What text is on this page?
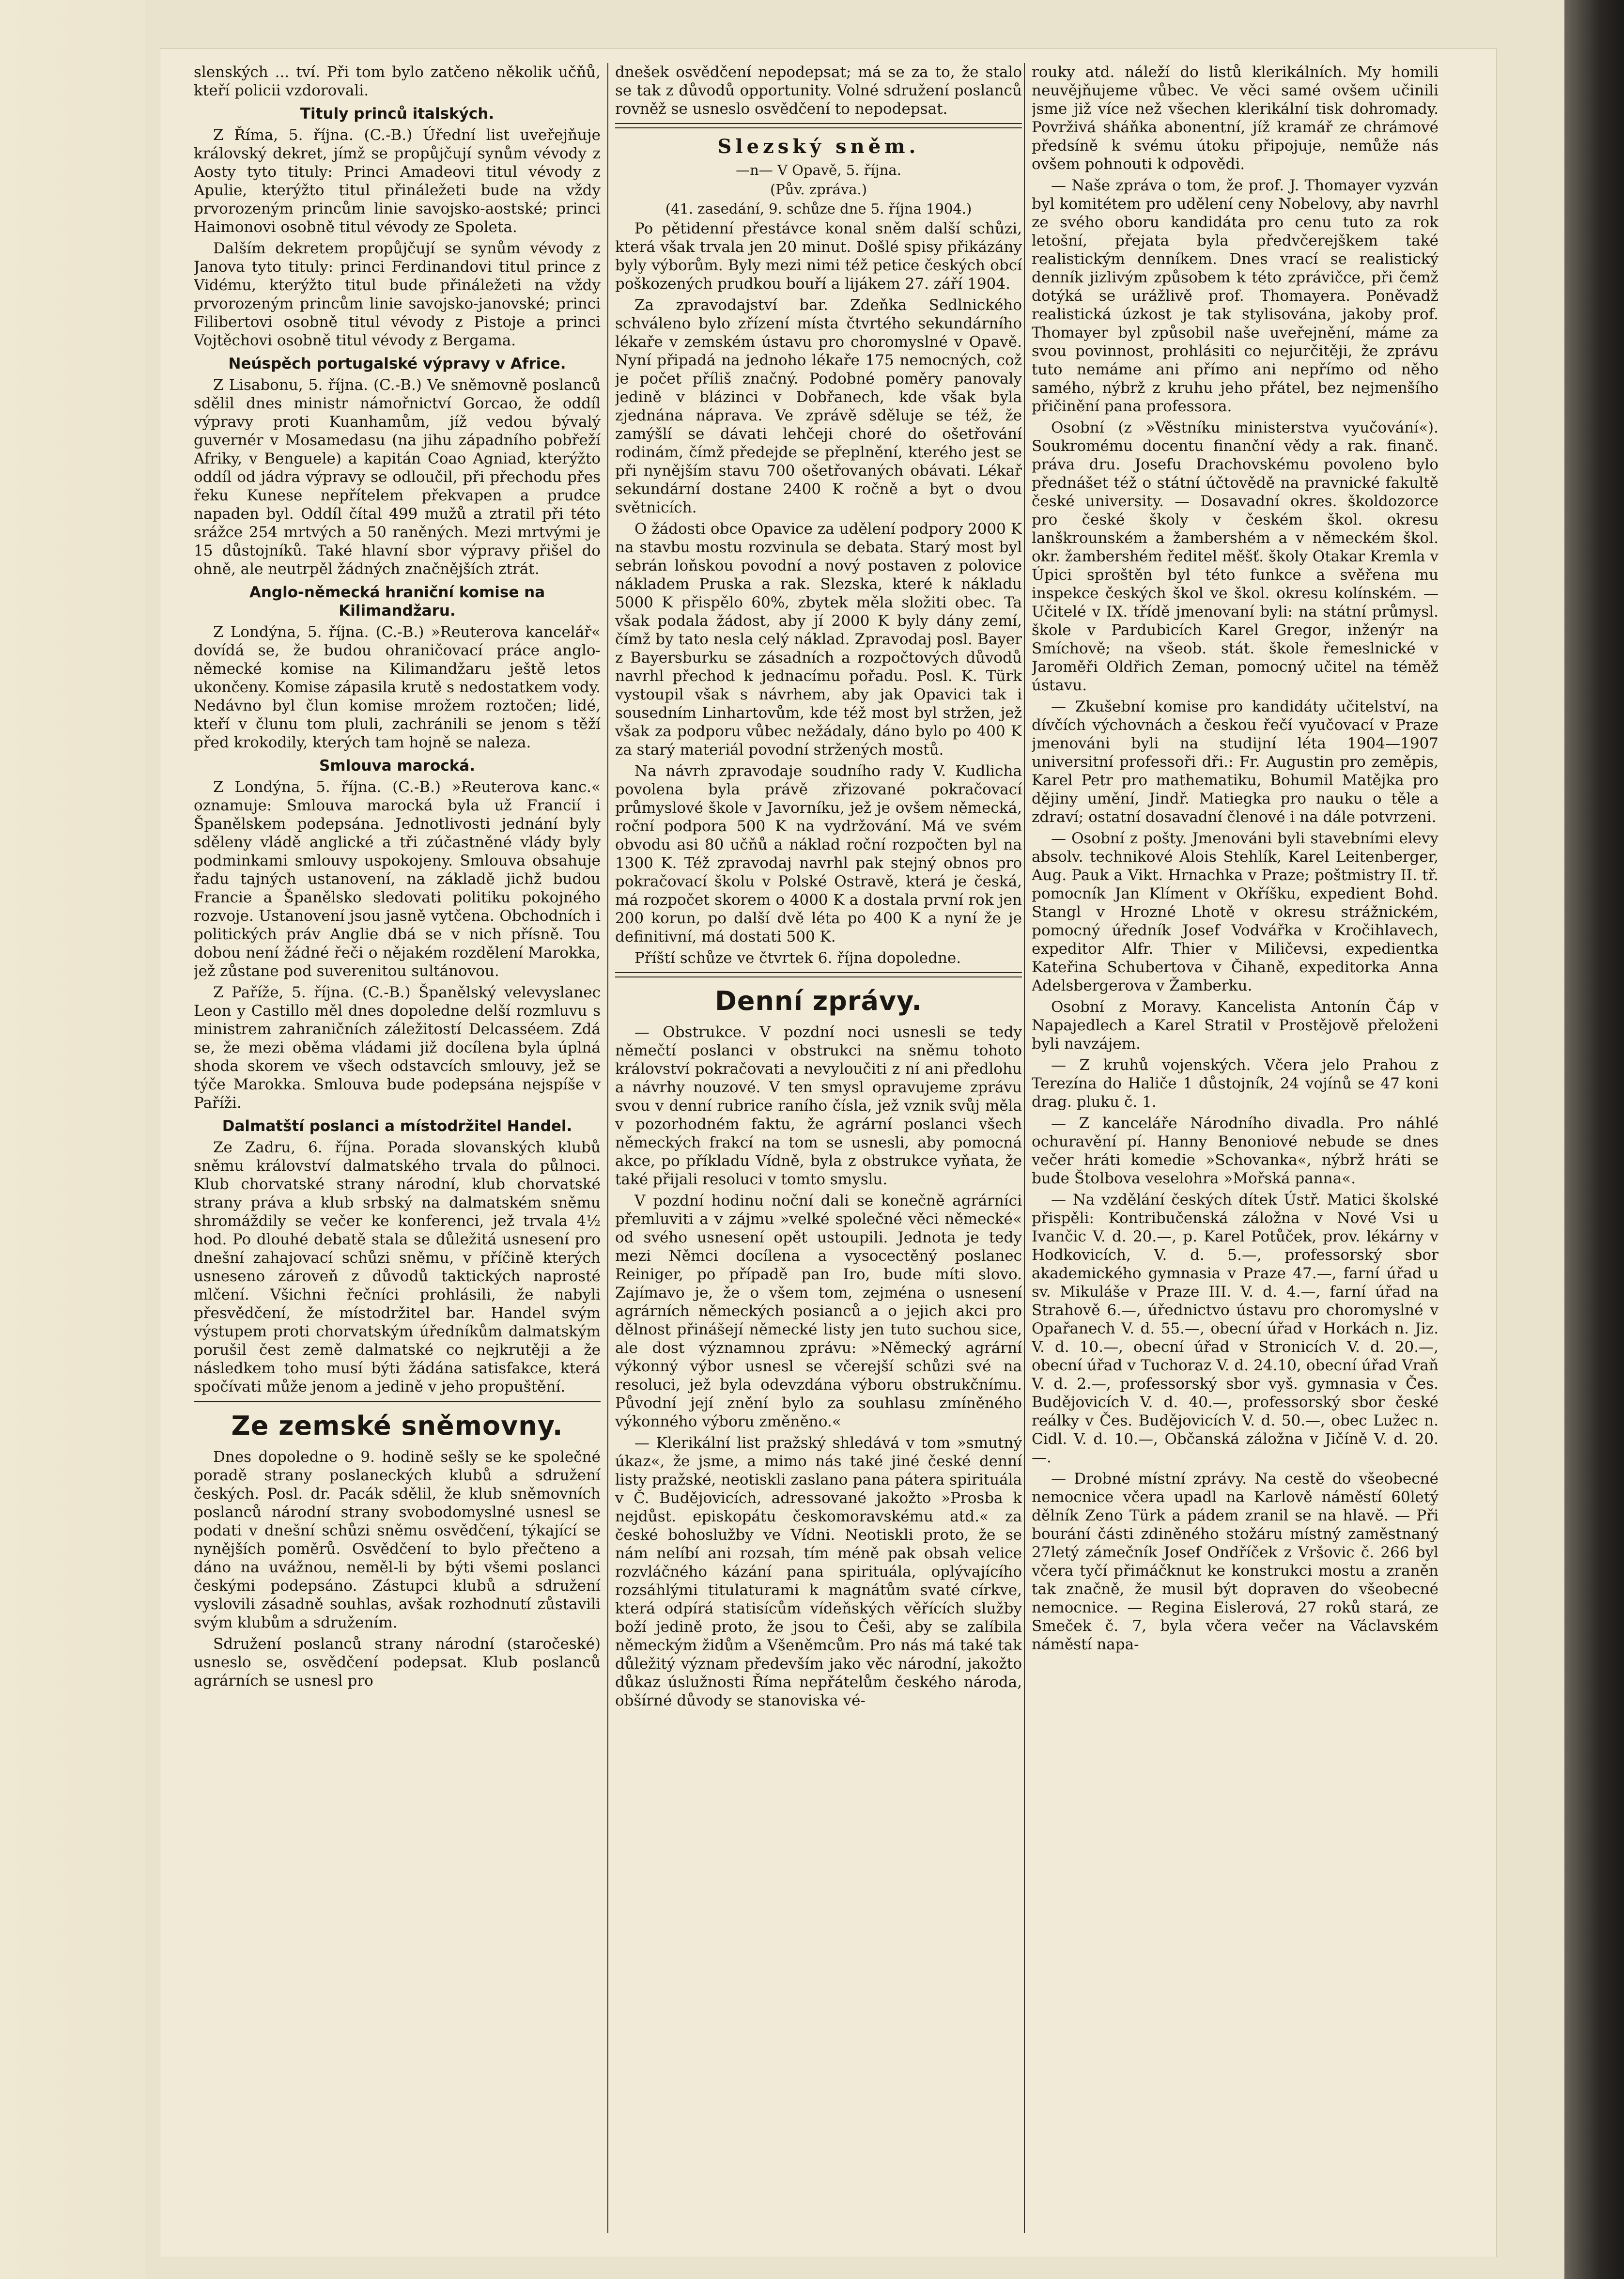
slenských ... tví. Při tom bylo zatčeno několik učňů, kteří policii vzdorovali.

Tituly princů italských.

Z Říma, 5. října. (C.-B.) Úřední list uveřejňuje královský dekret, jímž se propůjčují synům vévody z Aosty tyto tituly: Princi Amadeovi titul vévody z Apulie, kterýžto titul přináležeti bude na vždy prvorozeným princům linie savojsko-aostské; princi Haimonovi osobně titul vévody ze Spoleta.

Dalším dekretem propůjčují se synům vévody z Janova tyto tituly: princi Ferdinandovi titul prince z Vidému, kterýžto titul bude přináležeti na vždy prvorozeným princům linie savojsko-janovské; princi Filibertovi osobně titul vévody z Pistoje a princi Vojtěchovi osobně titul vévody z Bergama.

Neúspěch portugalské výpravy v Africe.

Z Lisabonu, 5. října. (C.-B.) Ve sněmovně poslanců sdělil dnes ministr námořnictví Gorcao, že oddíl výpravy proti Kuanhamům, jíž vedou bývalý guvernér v Mosamedasu (na jihu západního pobřeží Afriky, v Benguele) a kapitán Coao Agniad, kterýžto oddíl od jádra výpravy se odloučil, při přechodu přes řeku Kunese nepřítelem překvapen a prudce napaden byl. Oddíl čítal 499 mužů a ztratil při této srážce 254 mrtvých a 50 raněných. Mezi mrtvými je 15 důstojníků. Také hlavní sbor výpravy přišel do ohně, ale neutrpěl žádných značnějších ztrát.

Anglo-německá hraniční komise na Kilimandžaru.

Z Londýna, 5. října. (C.-B.) »Reuterova kancelář« dovídá se, že budou ohraničovací práce anglo-německé komise na Kilimandžaru ještě letos ukončeny. Komise zápasila krutě s nedostatkem vody. Nedávno byl člun komise mrožem roztočen; lidé, kteří v člunu tom pluli, zachránili se jenom s těží před krokodily, kterých tam hojně se naleza.

Smlouva marocká.

Z Londýna, 5. října. (C.-B.) »Reuterova kanc.« oznamuje: Smlouva marocká byla už Francií i Španělskem podepsána. Jednotlivosti jednání byly sděleny vládě anglické a tři zúčastněné vlády byly podminkami smlouvy uspokojeny. Smlouva obsahuje řadu tajných ustanovení, na základě jichž budou Francie a Španělsko sledovati politiku pokojného rozvoje. Ustanovení jsou jasně vytčena. Obchodních i politických práv Anglie dbá se v nich přísně. Tou dobou není žádné řeči o nějakém rozdělení Marokka, jež zůstane pod suverenitou sultánovou.

Z Paříže, 5. října. (C.-B.) Španělský velevyslanec Leon y Castillo měl dnes dopoledne delší rozmluvu s ministrem zahraničních záležitostí Delcasséem. Zdá se, že mezi oběma vládami již docílena byla úplná shoda skorem ve všech odstavcích smlouvy, jež se týče Marokka. Smlouva bude podepsána nejspíše v Paříži.

Dalmatští poslanci a místodržitel Handel.

Ze Zadru, 6. října. Porada slovanských klubů sněmu království dalmatského trvala do půlnoci. Klub chorvatské strany národní, klub chorvatské strany práva a klub srbský na dalmatském sněmu shromáždily se večer ke konferenci, jež trvala 4½ hod. Po dlouhé debatě stala se důležitá usnesení pro dnešní zahajovací schůzi sněmu, v příčině kterých usneseno zároveň z důvodů taktických naprosté mlčení. Všichni řečníci prohlásili, že nabyli přesvědčení, že místodržitel bar. Handel svým výstupem proti chorvatským úředníkům dalmatským porušil čest země dalmatské co nejkrutěji a že následkem toho musí býti žádána satisfakce, která spočívati může jenom a jedině v jeho propuštění.

Ze zemské sněmovny.

Dnes dopoledne o 9. hodině sešly se ke společné poradě strany poslaneckých klubů a sdružení českých. Posl. dr. Pacák sdělil, že klub sněmovních poslanců národní strany svobodomyslné usnesl se podati v dnešní schůzi sněmu osvědčení, týkající se nynějších poměrů. Osvědčení to bylo přečteno a dáno na uvážnou, neměl-li by býti všemi poslanci českými podepsáno. Zástupci klubů a sdružení vyslovili zásadně souhlas, avšak rozhodnutí zůstavili svým klubům a sdružením.

Sdružení poslanců strany národní (staročeské) usneslo se, osvědčení podepsat. Klub poslanců agrárních se usnesl pro

dnešek osvědčení nepodepsat; má se za to, že stalo se tak z důvodů opportunity. Volné sdružení poslanců rovněž se usneslo osvědčení to nepodepsat.

Slezský sněm.
—n— V Opavě, 5. října.
(Pův. zpráva.)
(41. zasedání, 9. schůze dne 5. října 1904.)

Po pětidenní přestávce konal sněm další schůzi, která však trvala jen 20 minut. Došlé spisy přikázány byly výborům. Byly mezi nimi též petice českých obcí poškozených prudkou bouří a lijákem 27. září 1904.

Za zpravodajství bar. Zdeňka Sedlnického schváleno bylo zřízení místa čtvrtého sekundárního lékaře v zemském ústavu pro choromyslné v Opavě. Nyní připadá na jednoho lékaře 175 nemocných, což je počet příliš značný. Podobné poměry panovaly jedině v blázinci v Dobřanech, kde však byla zjednána náprava. Ve zprávě sděluje se též, že zamýšlí se dávati lehčeji choré do ošetřování rodinám, čímž předejde se přeplnění, kterého jest se při nynějším stavu 700 ošetřovaných obávati. Lékař sekundární dostane 2400 K ročně a byt o dvou světnicích.

O žádosti obce Opavice za udělení podpory 2000 K na stavbu mostu rozvinula se debata. Starý most byl sebrán loňskou povodní a nový postaven z polovice nákladem Pruska a rak. Slezska, které k nákladu 5000 K přispělo 60%, zbytek měla složiti obec. Ta však podala žádost, aby jí 2000 K byly dány zemí, čímž by tato nesla celý náklad. Zpravodaj posl. Bayer z Bayersburku se zásadních a rozpočtových důvodů navrhl přechod k jednacímu pořadu. Posl. K. Türk vystoupil však s návrhem, aby jak Opavici tak i sousedním Linhartovům, kde též most byl stržen, jež však za podporu vůbec nežádaly, dáno bylo po 400 K za starý materiál povodní stržených mostů.

Na návrh zpravodaje soudního rady V. Kudlicha povolena byla právě zřizované pokračovací průmyslové škole v Javorníku, jež je ovšem německá, roční podpora 500 K na vydržování. Má ve svém obvodu asi 80 učňů a náklad roční rozpočten byl na 1300 K. Též zpravodaj navrhl pak stejný obnos pro pokračovací školu v Polské Ostravě, která je česká, má rozpočet skorem o 4000 K a dostala první rok jen 200 korun, po další dvě léta po 400 K a nyní že je definitivní, má dostati 500 K.

Příští schůze ve čtvrtek 6. října dopoledne.

Denní zprávy.

— Obstrukce. V pozdní noci usnesli se tedy němečtí poslanci v obstrukci na sněmu tohoto království pokračovati a nevyloučiti z ní ani předlohu a návrhy nouzové. V ten smysl opravujeme zprávu svou v denní rubrice raního čísla, jež vznik svůj měla v pozorhodném faktu, že agrární poslanci všech německých frakcí na tom se usnesli, aby pomocná akce, po příkladu Vídně, byla z obstrukce vyňata, že také přijali resoluci v tomto smyslu.

V pozdní hodinu noční dali se konečně agrárníci přemluviti a v zájmu »velké společné věci německé« od svého usnesení opět ustoupili. Jednota je tedy mezi Němci docílena a vysocectěný poslanec Reiniger, po případě pan Iro, bude míti slovo. Zajímavo je, že o všem tom, zejména o usnesení agrárních německých posianců a o jejich akci pro dělnost přinášejí německé listy jen tuto suchou sice, ale dost významnou zprávu: »Německý agrární výkonný výbor usnesl se včerejší schůzi své na resoluci, jež byla odevzdána výboru obstrukčnímu. Původní její znění bylo za souhlasu zmíněného výkonného výboru změněno.«

— Klerikální list pražský shledává v tom »smutný úkaz«, že jsme, a mimo nás také jiné české denní listy pražské, neotiskli zaslano pana pátera spirituála v Č. Budějovicích, adressované jakožto »Prosba k nejdůst. episkopátu českomoravskému atd.« za české bohoslužby ve Vídni. Neotiskli proto, že se nám nelíbí ani rozsah, tím méně pak obsah velice rozvláčného kázání pana spirituála, oplývajícího rozsáhlými titulaturami k magnátům svaté církve, která odpírá statisícům vídeňských věřících služby boží jedině proto, že jsou to Češi, aby se zalíbila německým židům a Všeněmcům. Pro nás má také tak důležitý význam především jako věc národní, jakožto důkaz úslužnosti Říma nepřátelům českého národa, obšírné důvody se stanoviska vé-

rouky atd. náleží do listů klerikálních. My homili neuvějňujeme vůbec. Ve věci samé ovšem učinili jsme již více než všechen klerikální tisk dohromady. Povrživá sháňka abonentní, jíž kramář ze chrámové předsíně k svému útoku připojuje, nemůže nás ovšem pohnouti k odpovědi.

— Naše zpráva o tom, že prof. J. Thomayer vyzván byl komitétem pro udělení ceny Nobelovy, aby navrhl ze svého oboru kandidáta pro cenu tuto za rok letošní, přejata byla předvčerejškem také realistickým denníkem. Dnes vrací se realistický denník jizlivým způsobem k této zprávičce, při čemž dotýká se urážlivě prof. Thomayera. Poněvadž realistická úzkost je tak stylisována, jakoby prof. Thomayer byl způsobil naše uveřejnění, máme za svou povinnost, prohlásiti co nejurčitěji, že zprávu tuto nemáme ani přímo ani nepřímo od něho samého, nýbrž z kruhu jeho přátel, bez nejmenšího přičinění pana professora.

Osobní (z »Věstníku ministerstva vyučování«). Soukromému docentu finanční vědy a rak. finanč. práva dru. Josefu Drachovskému povoleno bylo přednášet též o státní účtovědě na pravnické fakultě české university. — Dosavadní okres. školdozorce pro české školy v českém škol. okresu lanškrounském a žambershém a v německém škol. okr. žambershém ředitel měšť. školy Otakar Kremla v Úpici sproštěn byl této funkce a svěřena mu inspekce českých škol ve škol. okresu kolínském. — Učitelé v IX. třídě jmenovaní byli: na státní průmysl. škole v Pardubicích Karel Gregor, inženýr na Smíchově; na všeob. stát. škole řemeslnické v Jaroměři Oldřich Zeman, pomocný učitel na téměž ústavu.

— Zkušební komise pro kandidáty učitelství, na dívčích výchovnách a českou řečí vyučovací v Praze jmenováni byli na studijní léta 1904—1907 universitní professoři dři.: Fr. Augustin pro zeměpis, Karel Petr pro mathematiku, Bohumil Matějka pro dějiny umění, Jindř. Matiegka pro nauku o těle a zdraví; ostatní dosavadní členové i na dále potvrzeni.

— Osobní z pošty. Jmenováni byli stavebními elevy absolv. technikové Alois Stehlík, Karel Leitenberger, Aug. Pauk a Vikt. Hrnachka v Praze; poštmistry II. tř. pomocník Jan Klíment v Okříšku, expedient Bohd. Stangl v Hrozné Lhotě v okresu strážnickém, pomocný úředník Josef Vodvářka v Kročihlavech, expeditor Alfr. Thier v Miličevsi, expedientka Kateřina Schubertova v Čihaně, expeditorka Anna Adelsbergerova v Žamberku.

Osobní z Moravy. Kancelista Antonín Čáp v Napajedlech a Karel Stratil v Prostějově přeloženi byli navzájem.

— Z kruhů vojenských. Včera jelo Prahou z Terezína do Haliče 1 důstojník, 24 vojínů se 47 koni drag. pluku č. 1.

— Z kanceláře Národního divadla. Pro náhlé ochuravění pí. Hanny Benoniové nebude se dnes večer hráti komedie »Schovanka«, nýbrž hráti se bude Štolbova veselohra »Mořská panna«.

— Na vzdělání českých dítek Ústř. Matici školské přispěli: Kontribučenská záložna v Nové Vsi u Ivančic V. d. 20.—, p. Karel Potůček, prov. lékárny v Hodkovicích, V. d. 5.—, professorský sbor akademického gymnasia v Praze 47.—, farní úřad u sv. Mikuláše v Praze III. V. d. 4.—, farní úřad na Strahově 6.—, úřednictvo ústavu pro choromyslné v Opařanech V. d. 55.—, obecní úřad v Horkách n. Jiz. V. d. 10.—, obecní úřad v Stronicích V. d. 20.—, obecní úřad v Tuchoraz V. d. 24.10, obecní úřad Vraň V. d. 2.—, professorský sbor vyš. gymnasia v Čes. Budějovicích V. d. 40.—, professorský sbor české reálky v Čes. Budějovicích V. d. 50.—, obec Lužec n. Cidl. V. d. 10.—, Občanská záložna v Jičíně V. d. 20.—.

— Drobné místní zprávy. Na cestě do všeobecné nemocnice včera upadl na Karlově náměstí 60letý dělník Zeno Türk a pádem zranil se na hlavě. — Při bourání části zdiněného stožáru místný zaměstnaný 27letý zámečník Josef Ondříček z Vršovic č. 266 byl včera tyčí přimáčknut ke konstrukci mostu a zraněn tak značně, že musil být dopraven do všeobecné nemocnice. — Regina Eislerová, 27 roků stará, ze Smeček č. 7, byla včera večer na Václavském náměstí napa-
